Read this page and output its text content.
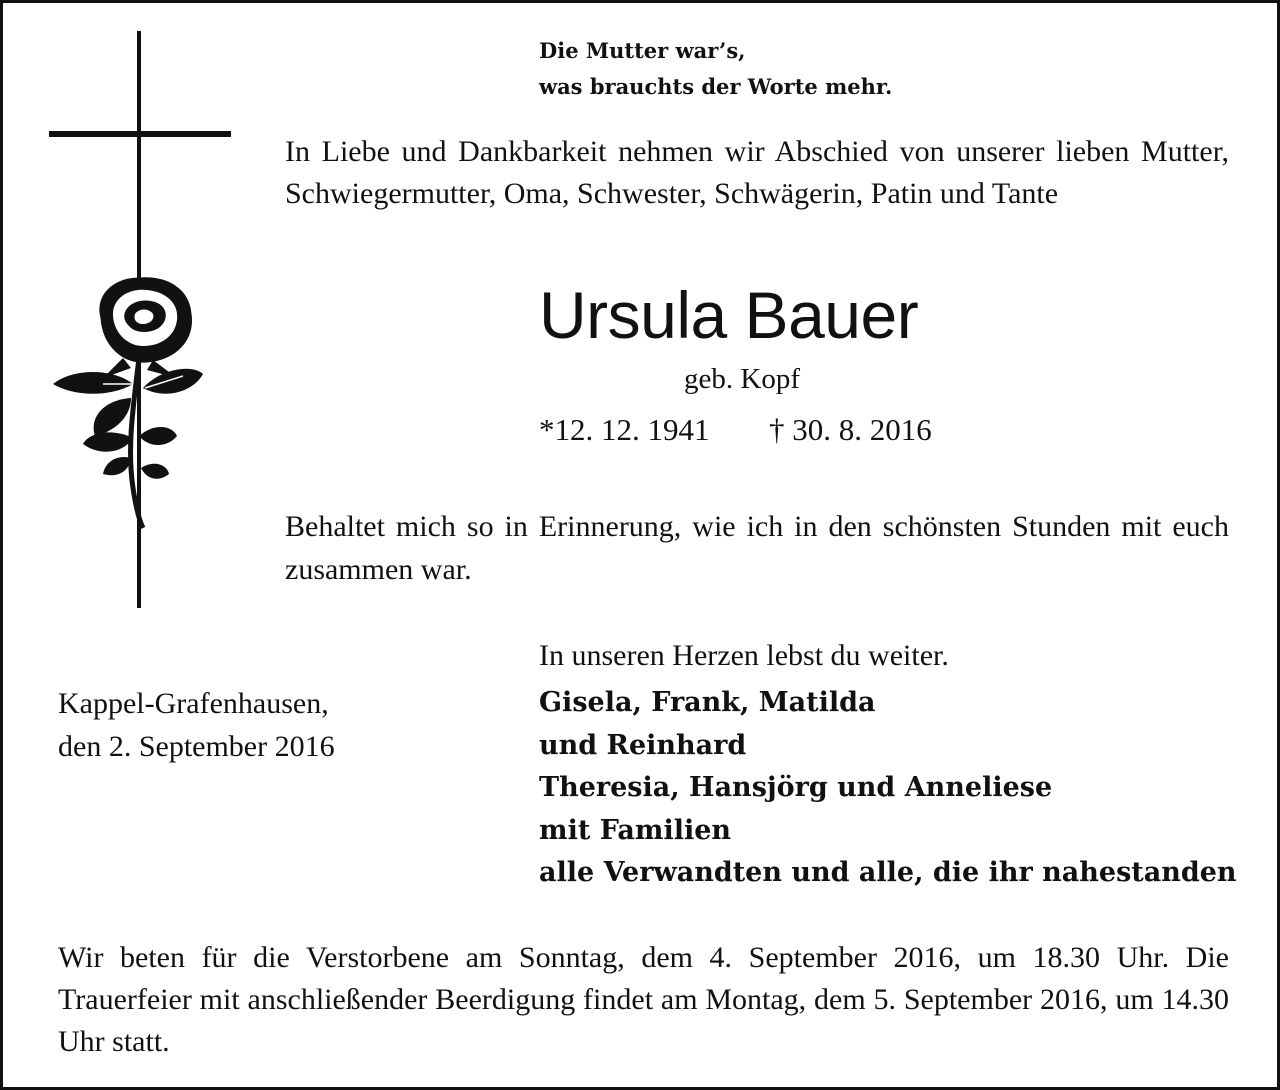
Die Mutter war’s,
was brauchts der Worte mehr.
In Liebe und Dankbarkeit nehmen wir Abschied von unserer lieben Mutter, Schwiegermutter, Oma, Schwester, Schwägerin, Patin und Tante
Ursula Bauer
geb. Kopf
*12. 12. 1941 † 30. 8. 2016
Behaltet mich so in Erinnerung, wie ich in den schönsten Stunden mit euch zusammen war.
In unseren Herzen lebst du weiter.
Kappel-Grafenhausen,
den 2. September 2016
Gisela, Frank, Matilda
und Reinhard
Theresia, Hansjörg und Anneliese
mit Familien
alle Verwandten und alle, die ihr nahestanden
Wir beten für die Verstorbene am Sonntag, dem 4. September 2016, um 18.30 Uhr. Die Trauerfeier mit anschließender Beerdigung findet am Montag, dem 5. September 2016, um 14.30 Uhr statt.
